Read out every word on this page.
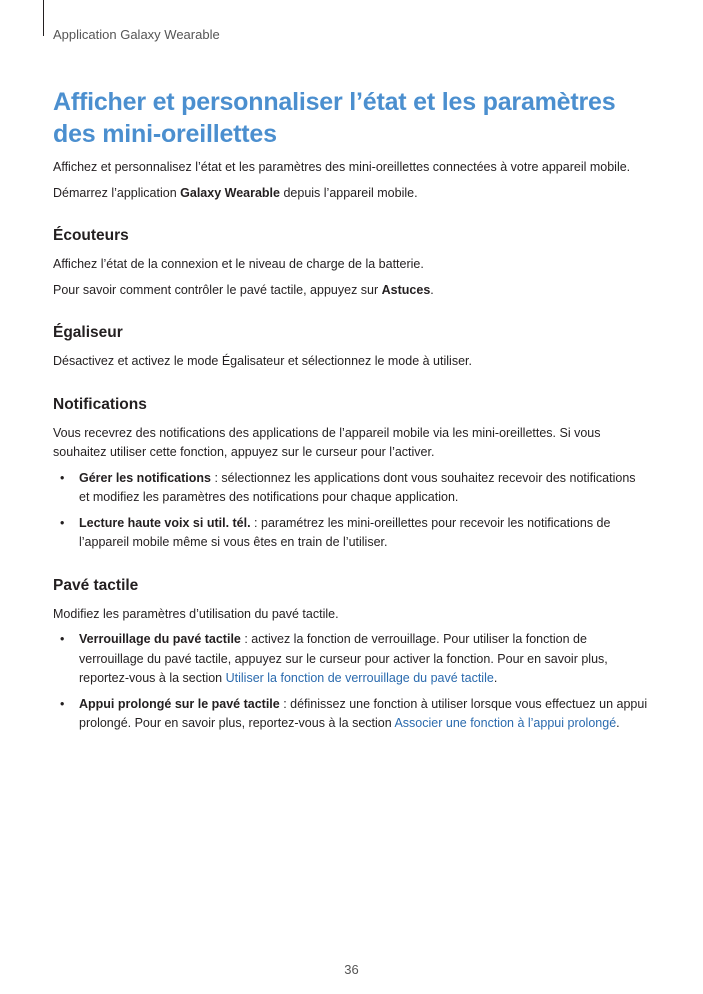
Application Galaxy Wearable
Afficher et personnaliser l’état et les paramètres des mini-oreillettes

Affichez et personnalisez l’état et les paramètres des mini-oreillettes connectées à votre appareil mobile.

Démarrez l’application Galaxy Wearable depuis l’appareil mobile.

Écouteurs

Affichez l’état de la connexion et le niveau de charge de la batterie.

Pour savoir comment contrôler le pavé tactile, appuyez sur Astuces.

Égaliseur

Désactivez et activez le mode Égalisateur et sélectionnez le mode à utiliser.

Notifications

Vous recevrez des notifications des applications de l’appareil mobile via les mini-oreillettes. Si vous souhaitez utiliser cette fonction, appuyez sur le curseur pour l’activer.

• Gérer les notifications : sélectionnez les applications dont vous souhaitez recevoir des notifications et modifiez les paramètres des notifications pour chaque application.
• Lecture haute voix si util. tél. : paramétrez les mini-oreillettes pour recevoir les notifications de l’appareil mobile même si vous êtes en train de l’utiliser.
Pavé tactile

Modifiez les paramètres d’utilisation du pavé tactile.

• Verrouillage du pavé tactile : activez la fonction de verrouillage. Pour utiliser la fonction de verrouillage du pavé tactile, appuyez sur le curseur pour activer la fonction. Pour en savoir plus, reportez-vous à la section Utiliser la fonction de verrouillage du pavé tactile.
• Appui prolongé sur le pavé tactile : définissez une fonction à utiliser lorsque vous effectuez un appui prolongé. Pour en savoir plus, reportez-vous à la section Associer une fonction à l’appui prolongé.
36
